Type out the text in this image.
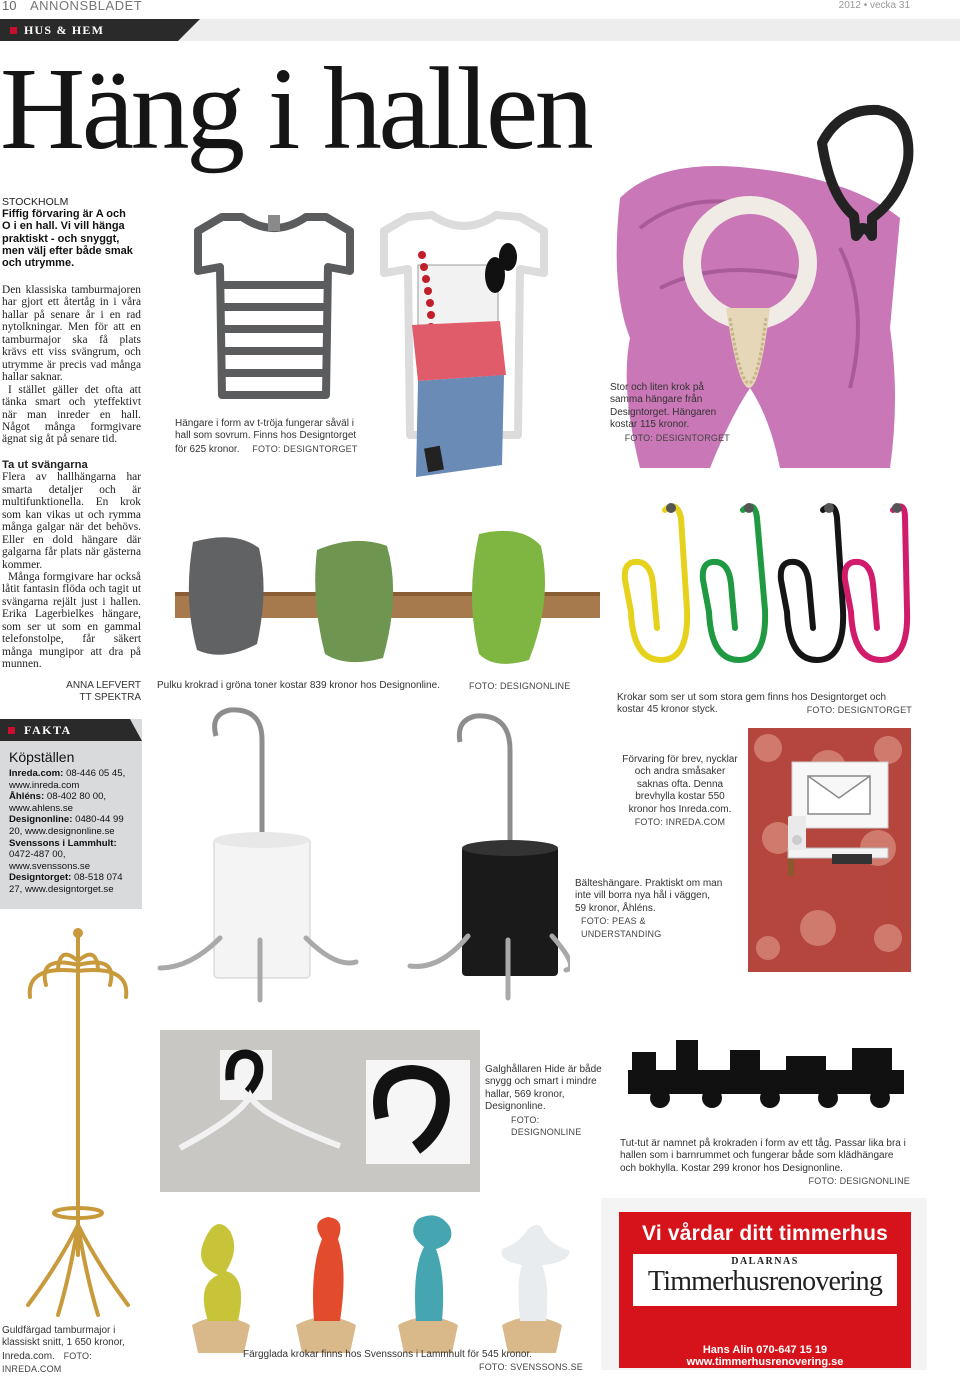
10 ANNONSBLADET	2012 • vecka 31
HUS & HEM
Häng i hallen
STOCKHOLM
Fiffig förvaring är A och
O i en hall. Vi vill hänga
praktiskt - och snyggt,
men välj efter både smak
och utrymme.

Den klassiska tamburmajoren har gjort ett återtåg in i våra hallar på senare år i en rad nytolkningar. Men för att en tamburmajor ska få plats krävs ett viss svängrum, och utrymme är precis vad många hallar saknar.

I stället gäller det ofta att tänka smart och yteffektivt när man inreder en hall. Något många formgivare ägnat sig åt på senare tid.

Ta ut svängarna

Flera av hallhängarna har smarta detaljer och är multifunktionella. En krok som kan vikas ut och rymma många galgar när det behövs. Eller en dold hängare där galgarna får plats när gästerna kommer.

Många formgivare har också låtit fantasin flöda och tagit ut svängarna rejält just i hallen. Erika Lagerbielkes hängare, som ser ut som en gammal telefonstolpe, får säkert många mungipor att dra på munnen.

ANNA LEFVERT
TT SPEKTRA
FAKTA
Köpställen
Inreda.com: 08-446 05 45, www.inreda.com
Åhléns: 08-402 80 00, www.ahlens.se
Designonline: 0480-44 99 20, www.designonline.se
Svenssons i Lammhult: 0472-487 00, www.svenssons.se
Designtorget: 08-518 074 27, www.designtorget.se
Hängare i form av t-tröja fungerar såväl i hall som sovrum. Finns hos Designtorget för 625 kronor. FOTO: DESIGNTORGET
Stor och liten krok på samma hängare från Designtorget. Hängaren kostar 115 kronor.
FOTO: DESIGNTORGET
Pulku krokrad i gröna toner kostar 839 kronor hos Designonline.	FOTO: DESIGNONLINE
Krokar som ser ut som stora gem finns hos Designtorget och kostar 45 kronor styck.	FOTO: DESIGNTORGET
Förvaring för brev, nycklar och andra småsaker saknas ofta. Denna brevhylla kostar 550 kronor hos Inreda.com.
FOTO: INREDA.COM
Bälteshängare. Praktiskt om man inte vill borra nya hål i väggen, 59 kronor, Åhléns.
FOTO: PEAS & UNDERSTANDING
Galghållaren Hide är både snygg och smart i mindre hallar, 569 kronor, Designonline.
FOTO: DESIGNONLINE
Tut-tut är namnet på krokraden i form av ett tåg. Passar lika bra i hallen som i barnrummet och fungerar både som klädhängare och bokhylla. Kostar 299 kronor hos Designonline.
FOTO: DESIGNONLINE
Guldfärgad tamburmajor i klassiskt snitt, 1 650 kronor, Inreda.com. FOTO: INREDA.COM
Färgglada krokar finns hos Svenssons i Lammhult för 545 kronor.
FOTO: SVENSSONS.SE
Vi vårdar ditt timmerhus
DALARNAS
Timmerhusrenovering
Hans Alin 070-647 15 19
www.timmerhusrenovering.se
